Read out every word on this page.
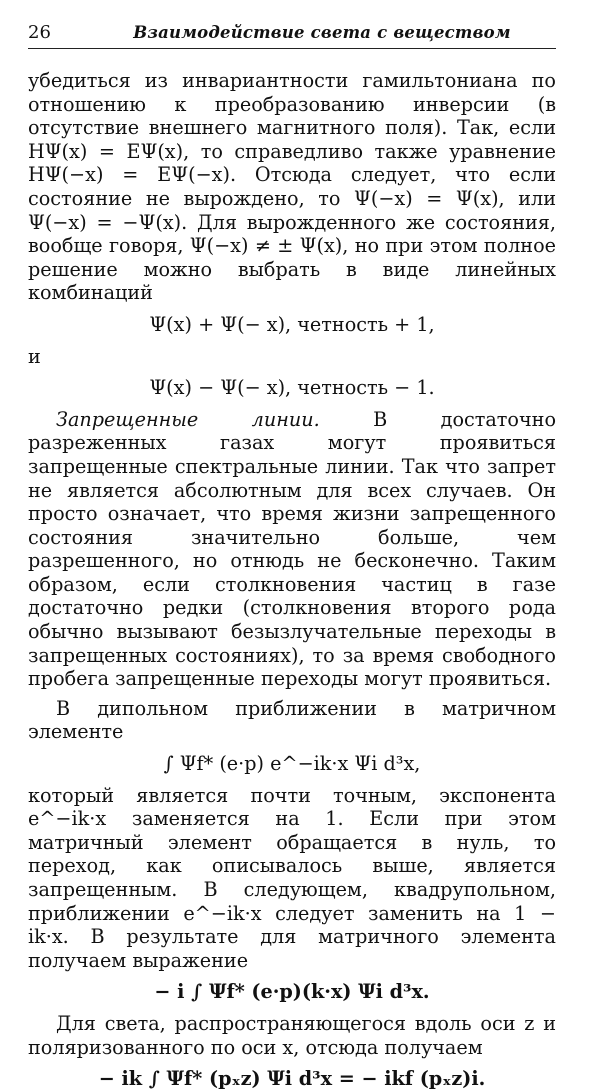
26	Взаимодействие света с веществом

убедиться из инвариантности гамильтониана по отношению к преобразованию инверсии (в отсутствие внешнего магнитного поля). Так, если HΨ(x) = EΨ(x), то справедливо также уравнение HΨ(−x) = EΨ(−x). Отсюда следует, что если состояние не вырождено, то Ψ(−x) = Ψ(x), или Ψ(−x) = −Ψ(x). Для вырожденного же состояния, вообще говоря, Ψ(−x) ≠ ± Ψ(x), но при этом полное решение можно выбрать в виде линейных комбинаций

Ψ(x) + Ψ(− x), четность + 1,

и

Ψ(x) − Ψ(− x), четность − 1.

Запрещенные линии.	В достаточно разреженных газах могут проявиться запрещенные спектральные линии. Так что запрет не является абсолютным для всех случаев. Он просто означает, что время жизни запрещенного состояния значительно больше, чем разрешенного, но отнюдь не бесконечно. Таким образом, если столкновения частиц в газе достаточно редки (столкновения второго рода обычно вызывают безызлучательные переходы в запрещенных состояниях), то за время свободного пробега запрещенные переходы могут проявиться.

В дипольном приближении в матричном элементе

∫ Ψf* (e·p) e^−ik·x Ψi d³x,

который является почти точным, экспонента e^−ik·x заменяется на 1. Если при этом матричный элемент обращается в нуль, то переход, как описывалось выше, является запрещенным. В следующем, квадрупольном, приближении e^−ik·x следует заменить на 1 − ik·x. В результате для матричного элемента получаем выражение

− i ∫ Ψf* (e·p)(k·x) Ψi d³x.

Для света, распространяющегося вдоль оси z и поляризованного по оси x, отсюда получаем

− ik ∫ Ψf* (pₓz) Ψi d³x = − ikf (pₓz)i.
